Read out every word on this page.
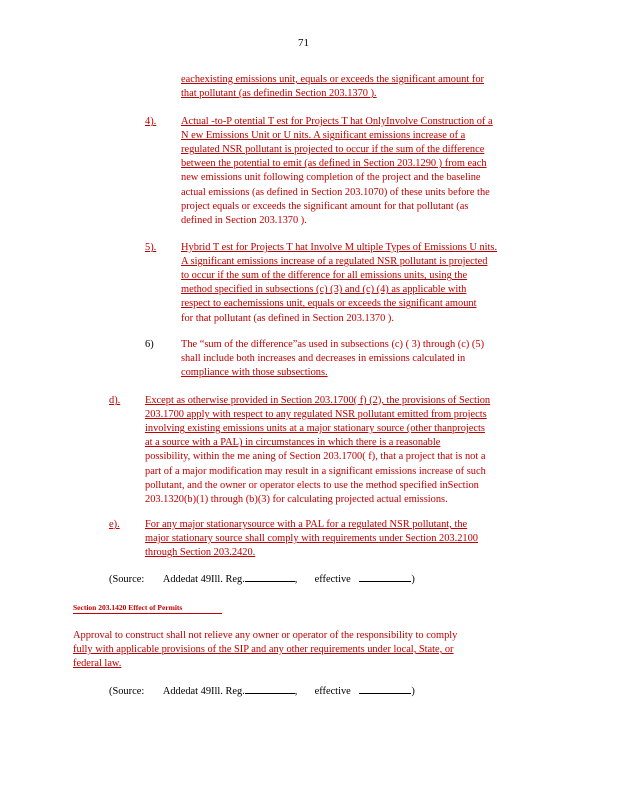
71

eachexisting emissions unit, equals or exceeds the significant amount for

that pollutant (as definedin Section 203.1370 ).

4). Actual -to-P otential T est for Projects T hat OnlyInvolve Construction of a

N ew Emissions Unit or U nits. A significant emissions increase of a

regulated NSR pollutant is projected to occur if the sum of the difference

between the potential to emit (as defined in Section 203.1290 ) from each

new emissions unit following completion of the project and the baseline

actual emissions (as defined in Section 203.1070) of these units before the

project equals or exceeds the significant amount for that pollutant (as

defined in Section 203.1370 ).

5). Hybrid T est for Projects T hat Involve M ultiple Types of Emissions U nits.

A significant emissions increase of a regulated NSR pollutant is projected

to occur if the sum of the difference for all emissions units, using the

method specified in subsections (c) (3) and (c) (4) as applicable with

respect to eachemissions unit, equals or exceeds the significant amount

for that pollutant (as defined in Section 203.1370 ).

6)	The “sum of the difference”as used in subsections (c) ( 3) through (c) (5)

shall include both increases and decreases in emissions calculated in

compliance with those subsections.

d). Except as otherwise provided in Section 203.1700( f) (2), the provisions of Section

203.1700 apply with respect to any regulated NSR pollutant emitted from projects

involving existing emissions units at a major stationary source (other thanprojects

at a source with a PAL) in circumstances in which there is a reasonable

possibility, within the me aning of Section 203.1700( f), that a project that is not a

part of a major modification may result in a significant emissions increase of such

pollutant, and the owner or operator elects to use the method specified inSection

203.1320(b)(1) through (b)(3) for calculating projected actual emissions.

e). For any major stationarysource with a PAL for a regulated NSR pollutant, the

major stationary source shall comply with requirements under Section 203.2100

through Section 203.2420.

(Source: Addedat 49Ill. Reg.	,  effective	)
Section 203.1420 Effect of Permits

Approval to construct shall not relieve any owner or operator of the responsibility to comply

fully with applicable provisions of the SIP and any other requirements under local, State, or

federal law.

(Source: Addedat 49Ill. Reg.	,  effective	)
